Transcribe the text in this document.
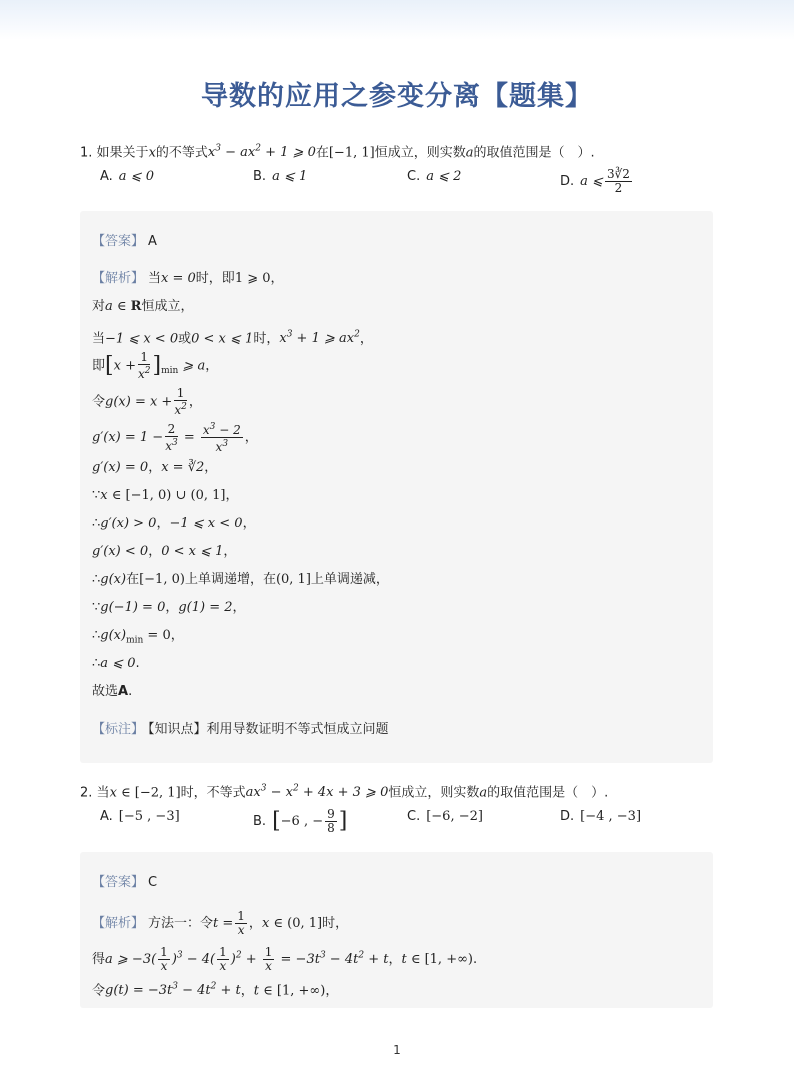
导数的应用之参变分离【题集】
1. 如果关于x的不等式$x^3 - ax^2 + 1$ ⩾ 0在[−1, 1]恒成立，则实数a的取值范围是（　）.
A. a ⩽ 0	B. a ⩽ 1	C. a ⩽ 2	D. a ⩽ $\frac{3∛2}{2}$
【答案】 A
【解析】 当x = 0时，即1 ⩾ 0，
对a ∈ R恒成立，
当−1 ⩽ x < 0或0 < x ⩽ 1时，$x^3 + 1$ ⩾ $ax^2$，
即$[x + \frac{1}{x^2} ]_{min}$ ⩾ a，
令$g(x) = x + \frac{1}{x^2}$ ，
$g'(x) = 1 - \frac{2}{x^3} = \frac{x^3 - 2}{x^3}$ ，
g′(x) = 0，x = ∛2，
∵x ∈ [−1, 0) ∪ (0, 1]，
∴g′(x) > 0，−1 ⩽ x < 0，
g′(x) < 0，0 < x ⩽ 1，
∴g(x)在[−1, 0)上单调递增，在(0, 1]上单调递减，
∵g(−1) = 0，g(1) = 2，
$\therefore g(x)_{min} = 0$，
∴a ⩽ 0.
故选A.
【标注】 【知识点】利用导数证明不等式恒成立问题
2. 当x ∈ [−2, 1]时，不等式$ax^3 - x^2 + 4x + 3$ ⩾ 0恒成立，则实数a的取值范围是（　）.
A. [−5 , −3]	B. [−6 , − $\frac{9}{8}$ ]	C. [−6, −2]	D. [−4 , −3]
【答案】 C
【解析】 方法一：令$t = \frac{1}{x}$ ，x ∈ (0, 1]时，
得a ⩾ $-3( \frac{1}{x} )^3 - 4( \frac{1}{x} )^2 + \frac{1}{x} = -3t^3 - 4t^2 + t$，t ∈ [1, +∞).
令$g(t) = -3t^3 - 4t^2 + t$，t ∈ [1, +∞)，
1
